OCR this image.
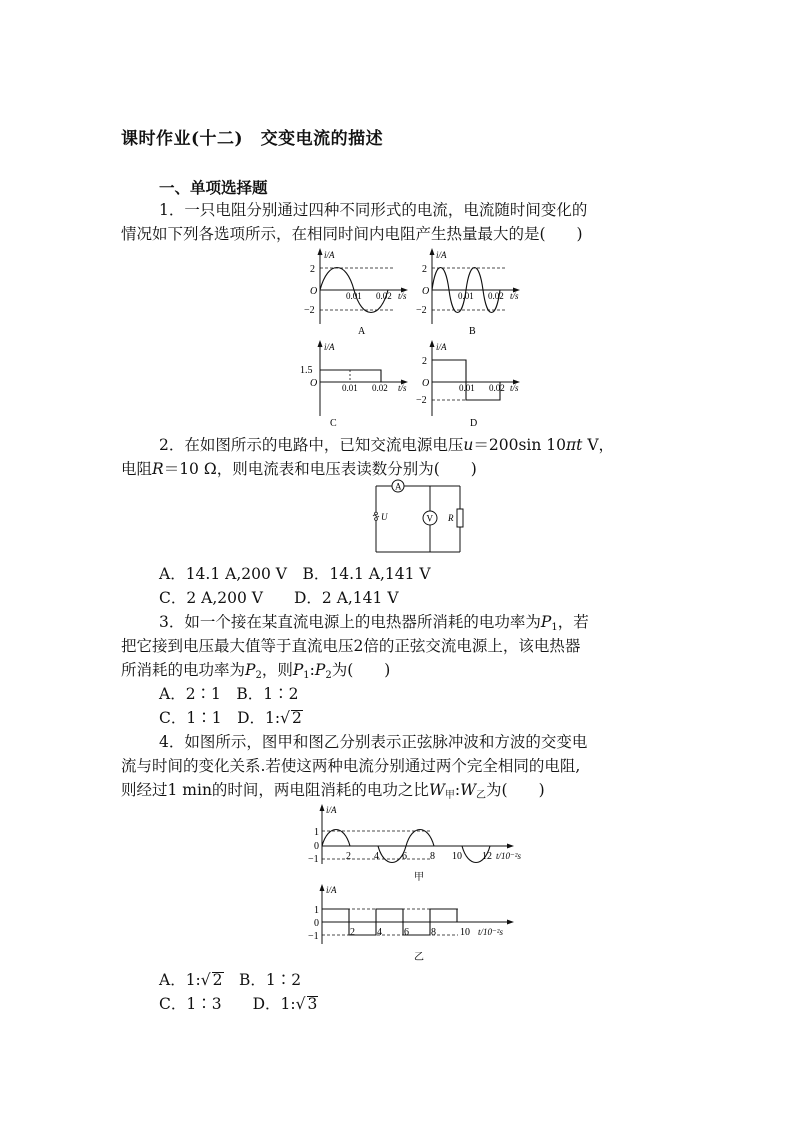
课时作业(十二)　交变电流的描述
一、单项选择题
1．一只电阻分别通过四种不同形式的电流，电流随时间变化的
情况如下列各选项所示，在相同时间内电阻产生热量最大的是(　　)
i/A
2
−2
O	0.01 0.02 t/s
A
i/A
2
−2
O	0.01 0.02 t/s
B
i/A
1.5
O	0.01 0.02 t/s
C
i/A
2
−2
O	0.01 0.02 t/s
D
2．在如图所示的电路中，已知交流电源电压u＝200sin 10πt V，
电阻R＝10 Ω，则电流表和电压表读数分别为(　　)
A
V R
U
A．14.1 A,200 V　B．14.1 A,141 V
C．2 A,200 V　　D．2 A,141 V
3．如一个接在某直流电源上的电热器所消耗的电功率为$P_1$，若
把它接到电压最大值等于直流电压2倍的正弦交流电源上，该电热器
所消耗的电功率为$P_2$，则$P_1:P_2$为(　　)
A．2∶1　B．1∶2
C．1∶1　D．1:√ 2
4．如图所示，图甲和图乙分别表示正弦脉冲波和方波的交变电
流与时间的变化关系.若使这两种电流分别通过两个完全相同的电阻,
则经过1 min的时间，两电阻消耗的电功之比$W_甲:W_乙$为(　　)
i/A
1
0
−1	2 4 6 8 10 12 t/10⁻²s
甲
i/A
1
0
−1	2 4 6 8 10 t/10⁻²s
乙
A．1:√ 2　B．1∶2
C．1∶3　　D．1:√ 3
